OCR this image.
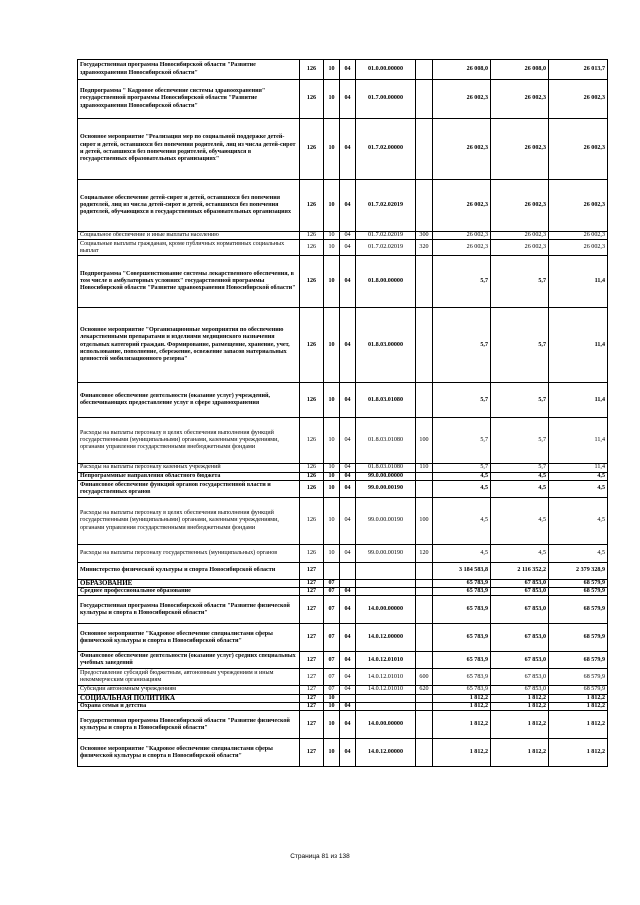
Государственная программа Новосибирской области "Развитие здравоохранения Новосибирской области"	126	10	04	01.0.00.00000		26 008,0	26 008,0	26 013,7
Подпрограмма " Кадровое обеспечение системы здравоохранения" государственной программы Новосибирской области "Развитие здравоохранения Новосибирской области"	126	10	04	01.7.00.00000		26 002,3	26 002,3	26 002,3
Основное мероприятие "Реализация мер по социальной поддержке детей-сирот и детей, оставшихся без попечения родителей, лиц из числа детей-сирот и детей, оставшихся без попечения родителей, обучающихся в государственных образовательных организациях"	126	10	04	01.7.02.00000		26 002,3	26 002,3	26 002,3
Социальное обеспечение детей-сирот и детей, оставшихся без попечения родителей, лиц из числа детей-сирот и детей, оставшихся без попечения родителей, обучающихся в государственных образовательных организациях	126	10	04	01.7.02.02019		26 002,3	26 002,3	26 002,3
Социальное обеспечение и иные выплаты населению	126	10	04	01.7.02.02019	300	26 002,3	26 002,3	26 002,3
Социальные выплаты гражданам, кроме публичных нормативных социальных выплат	126	10	04	01.7.02.02019	320	26 002,3	26 002,3	26 002,3
Подпрограмма "Совершенствование системы лекарственного обеспечения, в том числе в амбулаторных условиях" государственной программы Новосибирской области "Развитие здравоохранения Новосибирской области"	126	10	04	01.8.00.00000		5,7	5,7	11,4
Основное мероприятие "Организационные мероприятия по обеспечению лекарственными препаратами и изделиями медицинского назначения отдельных категорий граждан. Формирование, размещение, хранение, учет, использование, пополнение, сбережение, освежение запасов материальных ценностей мобилизационного резерва"	126	10	04	01.8.03.00000		5,7	5,7	11,4
Финансовое обеспечение деятельности (оказание услуг) учреждений, обеспечивающих предоставление услуг в сфере здравоохранения	126	10	04	01.8.03.01080		5,7	5,7	11,4
Расходы на выплаты персоналу в целях обеспечения выполнения функций государственными (муниципальными) органами, казенными учреждениями, органами управления государственными внебюджетными фондами	126	10	04	01.8.03.01080	100	5,7	5,7	11,4
Расходы на выплаты персоналу казенных учреждений	126	10	04	01.8.03.01080	110	5,7	5,7	11,4
Непрограммные направления областного бюджета	126	10	04	99.0.00.00000		4,5	4,5	4,5
Финансовое обеспечение функций органов государственной власти и государственных органов	126	10	04	99.0.00.00190		4,5	4,5	4,5
Расходы на выплаты персоналу в целях обеспечения выполнения функций государственными (муниципальными) органами, казенными учреждениями, органами управления государственными внебюджетными фондами	126	10	04	99.0.00.00190	100	4,5	4,5	4,5
Расходы на выплаты персоналу государственных (муниципальных) органов	126	10	04	99.0.00.00190	120	4,5	4,5	4,5
Министерство физической культуры и спорта Новосибирской области	127					3 184 583,8	2 116 352,2	2 379 328,9
ОБРАЗОВАНИЕ	127	07				65 783,9	67 853,0	68 579,9
Среднее профессиональное образование	127	07	04			65 783,9	67 853,0	68 579,9
Государственная программа Новосибирской области "Развитие физической культуры и спорта в Новосибирской области"	127	07	04	14.0.00.00000		65 783,9	67 853,0	68 579,9
Основное мероприятие "Кадровое обеспечение специалистами сферы физической культуры и спорта в Новосибирской области"	127	07	04	14.0.12.00000		65 783,9	67 853,0	68 579,9
Финансовое обеспечение деятельности (оказание услуг) средних специальных учебных заведений	127	07	04	14.0.12.01010		65 783,9	67 853,0	68 579,9
Предоставление субсидий бюджетным, автономным учреждениям и иным некоммерческим организациям	127	07	04	14.0.12.01010	600	65 783,9	67 853,0	68 579,9
Субсидии автономным учреждениям	127	07	04	14.0.12.01010	620	65 783,9	67 853,0	68 579,9
СОЦИАЛЬНАЯ ПОЛИТИКА	127	10				1 812,2	1 812,2	1 812,2
Охрана семьи и детства	127	10	04			1 812,2	1 812,2	1 812,2
Государственная программа Новосибирской области "Развитие физической культуры и спорта в Новосибирской области"	127	10	04	14.0.00.00000		1 812,2	1 812,2	1 812,2
Основное мероприятие "Кадровое обеспечение специалистами сферы физической культуры и спорта в Новосибирской области"	127	10	04	14.0.12.00000		1 812,2	1 812,2	1 812,2
Страница 81 из 138
